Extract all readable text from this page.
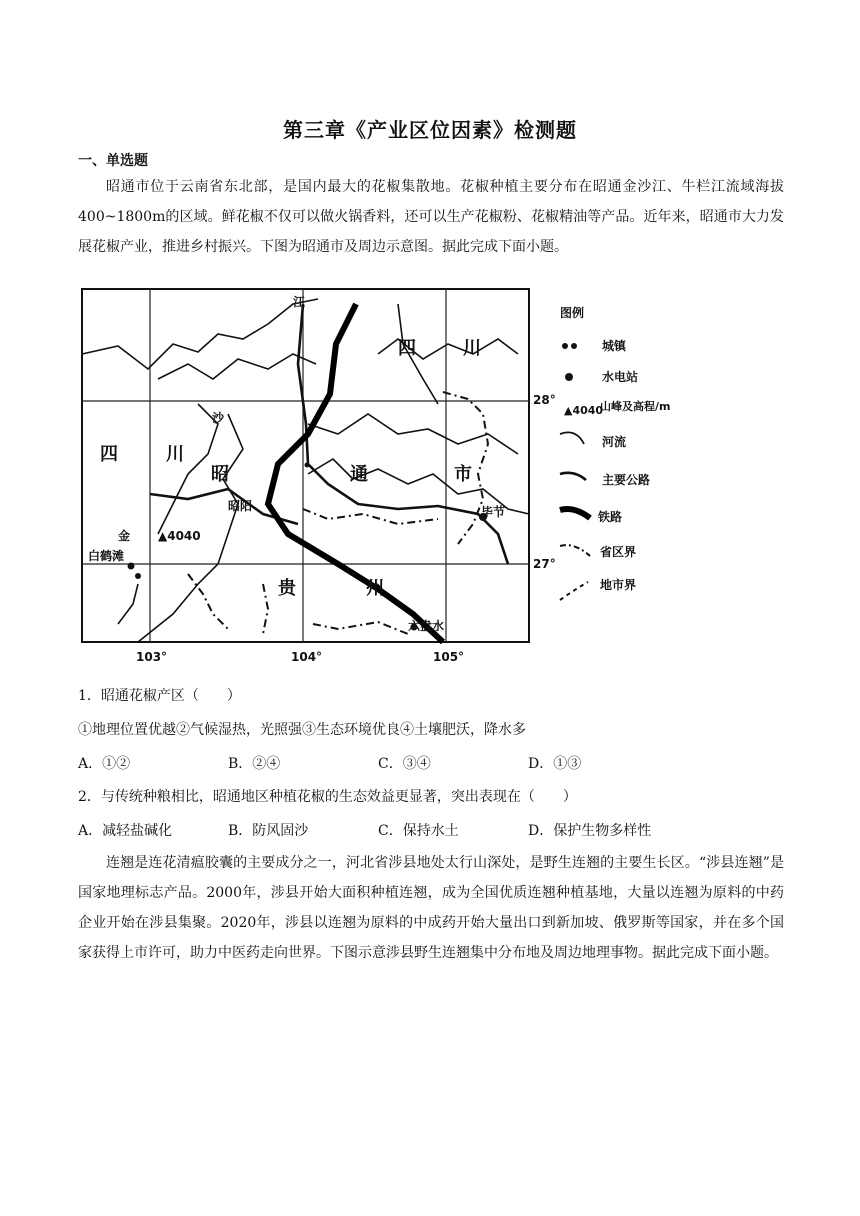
第三章《产业区位因素》检测题
一、单选题
昭通市位于云南省东北部，是国内最大的花椒集散地。花椒种植主要分布在昭通金沙江、牛栏江流域海拔400~1800m的区域。鲜花椒不仅可以做火锅香料，还可以生产花椒粉、花椒精油等产品。近年来，昭通市大力发展花椒产业，推进乡村振兴。下图为昭通市及周边示意图。据此完成下面小题。
江
四	川
四	川
沙
昭	通	市
昭阳
金
白鹤滩
▲4040
毕节
贵	州
六盘水
28°
27°
103°	104°	105°
图例
城镇
水电站
▲4040
山峰及高程/m
河流
主要公路
铁路
省区界
地市界
1．昭通花椒产区（　　）
①地理位置优越②气候湿热，光照强③生态环境优良④土壤肥沃，降水多
A．①②	B．②④	C．③④	D．①③
2．与传统种粮相比，昭通地区种植花椒的生态效益更显著，突出表现在（　　）
A．减轻盐碱化	B．防风固沙	C．保持水土	D．保护生物多样性
连翘是连花清瘟胶囊的主要成分之一，河北省涉县地处太行山深处，是野生连翘的主要生长区。“涉县连翘”是国家地理标志产品。2000年，涉县开始大面积种植连翘，成为全国优质连翘种植基地，大量以连翘为原料的中药企业开始在涉县集聚。2020年，涉县以连翘为原料的中成药开始大量出口到新加坡、俄罗斯等国家，并在多个国家获得上市许可，助力中医药走向世界。下图示意涉县野生连翘集中分布地及周边地理事物。据此完成下面小题。
